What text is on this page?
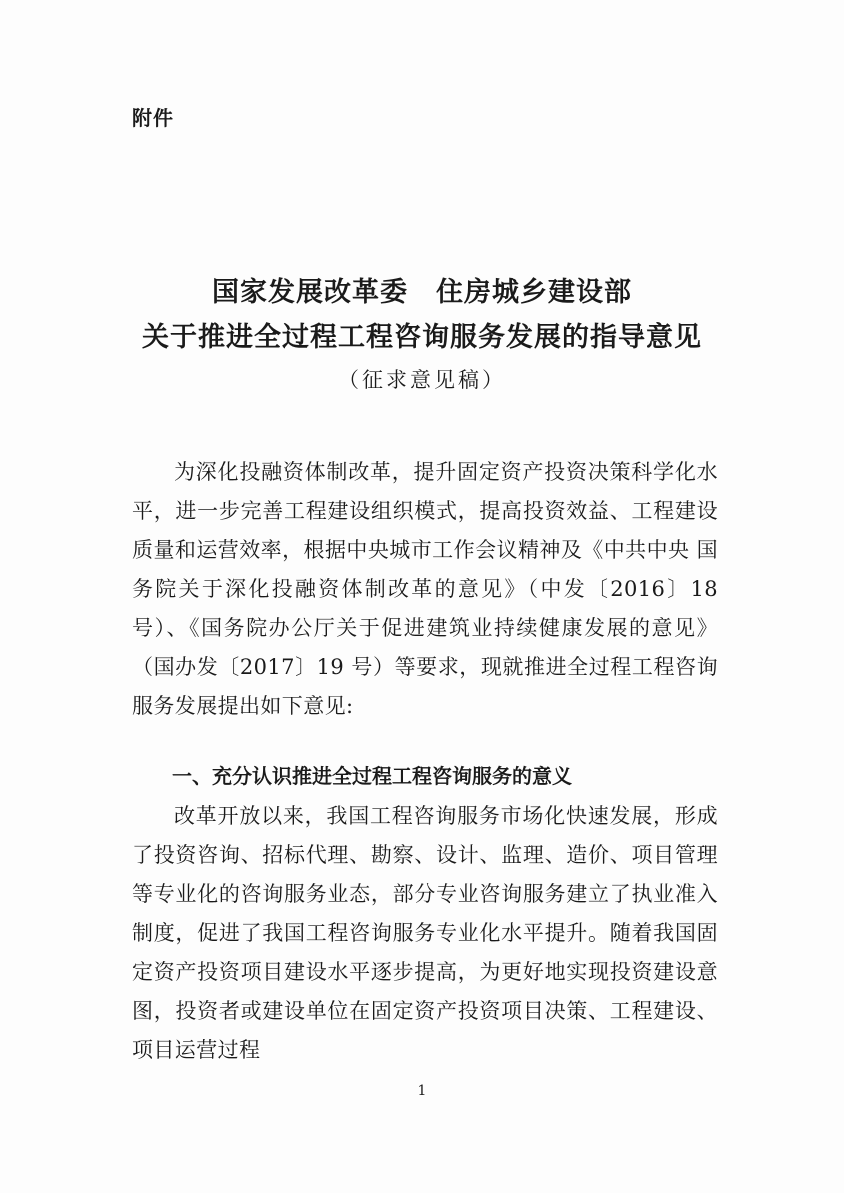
附件
国家发展改革委　住房城乡建设部
关于推进全过程工程咨询服务发展的指导意见
（征求意见稿）

为深化投融资体制改革，提升固定资产投资决策科学化水平，进一步完善工程建设组织模式，提高投资效益、工程建设质量和运营效率，根据中央城市工作会议精神及《中共中央 国务院关于深化投融资体制改革的意见》（中发〔2016〕18 号）、《国务院办公厅关于促进建筑业持续健康发展的意见》（国办发〔2017〕19 号）等要求，现就推进全过程工程咨询服务发展提出如下意见:

一、充分认识推进全过程工程咨询服务的意义

改革开放以来，我国工程咨询服务市场化快速发展，形成了投资咨询、招标代理、勘察、设计、监理、造价、项目管理等专业化的咨询服务业态，部分专业咨询服务建立了执业准入制度，促进了我国工程咨询服务专业化水平提升。随着我国固定资产投资项目建设水平逐步提高，为更好地实现投资建设意图，投资者或建设单位在固定资产投资项目决策、工程建设、项目运营过程

1
